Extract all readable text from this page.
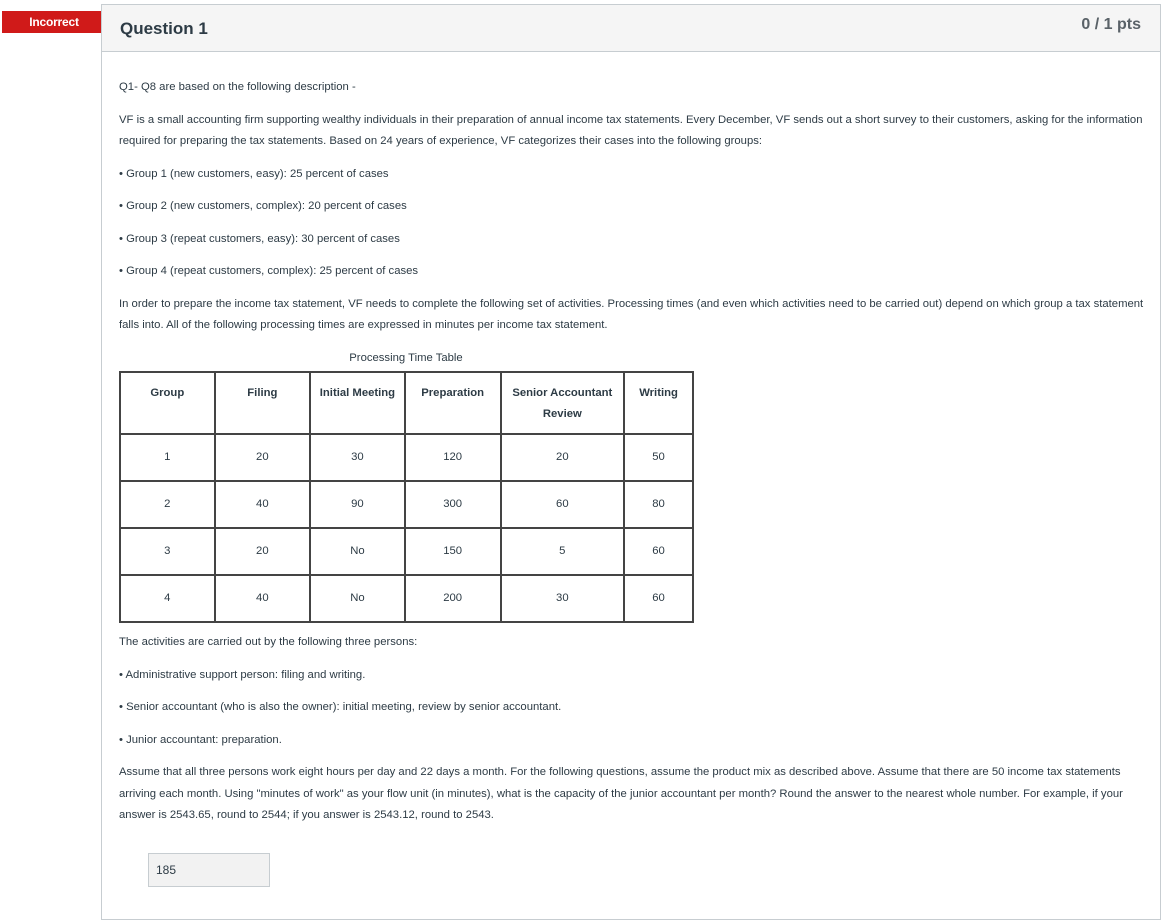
Incorrect	Question 1	0 / 1 pts

Q1- Q8 are based on the following description -

VF is a small accounting firm supporting wealthy individuals in their preparation of annual income tax statements. Every December, VF sends out a short survey to their customers, asking for the information required for preparing the tax statements. Based on 24 years of experience, VF categorizes their cases into the following groups:

• Group 1 (new customers, easy): 25 percent of cases

• Group 2 (new customers, complex): 20 percent of cases

• Group 3 (repeat customers, easy): 30 percent of cases

• Group 4 (repeat customers, complex): 25 percent of cases

In order to prepare the income tax statement, VF needs to complete the following set of activities. Processing times (and even which activities need to be carried out) depend on which group a tax statement falls into. All of the following processing times are expressed in minutes per income tax statement.

Processing Time Table
Group	Filing	Initial Meeting	Preparation	Senior Accountant Review	Writing
1	20	30	120	20	50
2	40	90	300	60	80
3	20	No	150	5	60
4	40	No	200	30	60

The activities are carried out by the following three persons:

• Administrative support person: filing and writing.

• Senior accountant (who is also the owner): initial meeting, review by senior accountant.

• Junior accountant: preparation.

Assume that all three persons work eight hours per day and 22 days a month. For the following questions, assume the product mix as described above. Assume that there are 50 income tax statements arriving each month. Using "minutes of work" as your flow unit (in minutes), what is the capacity of the junior accountant per month? Round the answer to the nearest whole number. For example, if your answer is 2543.65, round to 2544; if you answer is 2543.12, round to 2543.

185
